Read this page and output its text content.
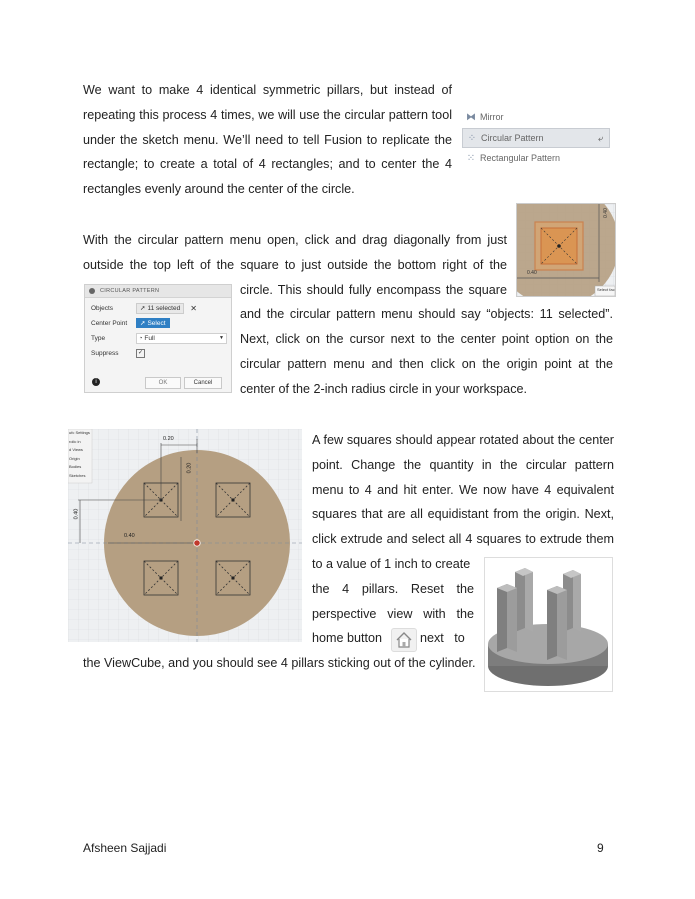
We want to make 4 identical symmetric pillars, but instead of
repeating this process 4 times, we will use the circular pattern tool
under the sketch menu. We’ll need to tell Fusion to replicate the
rectangle; to create a total of 4 rectangles; and to center the 4
rectangles evenly around the center of the circle.
⧓ Mirror
⁘ Circular Pattern	⤶
⁙ Rectangular Pattern
With the circular pattern menu open, click and drag diagonally from just
outside the top left of the square to just outside the bottom right of the
circle. This should fully encompass the square
and the circular pattern menu should say “objects: 11 selected”.
Next, click on the cursor next to the center point option on the
circular pattern menu and then click on the origin point at the
center of the 2-inch radius circle in your workspace.
0.40
0.40
Select fac
CIRCULAR PATTERN
Objects	➚ 11 selected ✕
Center Point	➚ Select
Type	◔ Full	▼
Suppress	✓
i	OK	Cancel
ufc Settings
rolic in
d Views
Origin
Bodies
Sketches
0.20
0.40
0.40
0.20
A few squares should appear rotated about the center
point. Change the quantity in the circular pattern
menu to 4 and hit enter. We now have 4 equivalent
squares that are all equidistant from the origin. Next,
click extrude and select all 4 squares to extrude them
to a value of 1 inch to create
the 4 pillars. Reset the
perspective view with the
home button	next   to
the ViewCube, and you should see 4 pillars sticking out of the cylinder.
Afsheen Sajjadi	9
